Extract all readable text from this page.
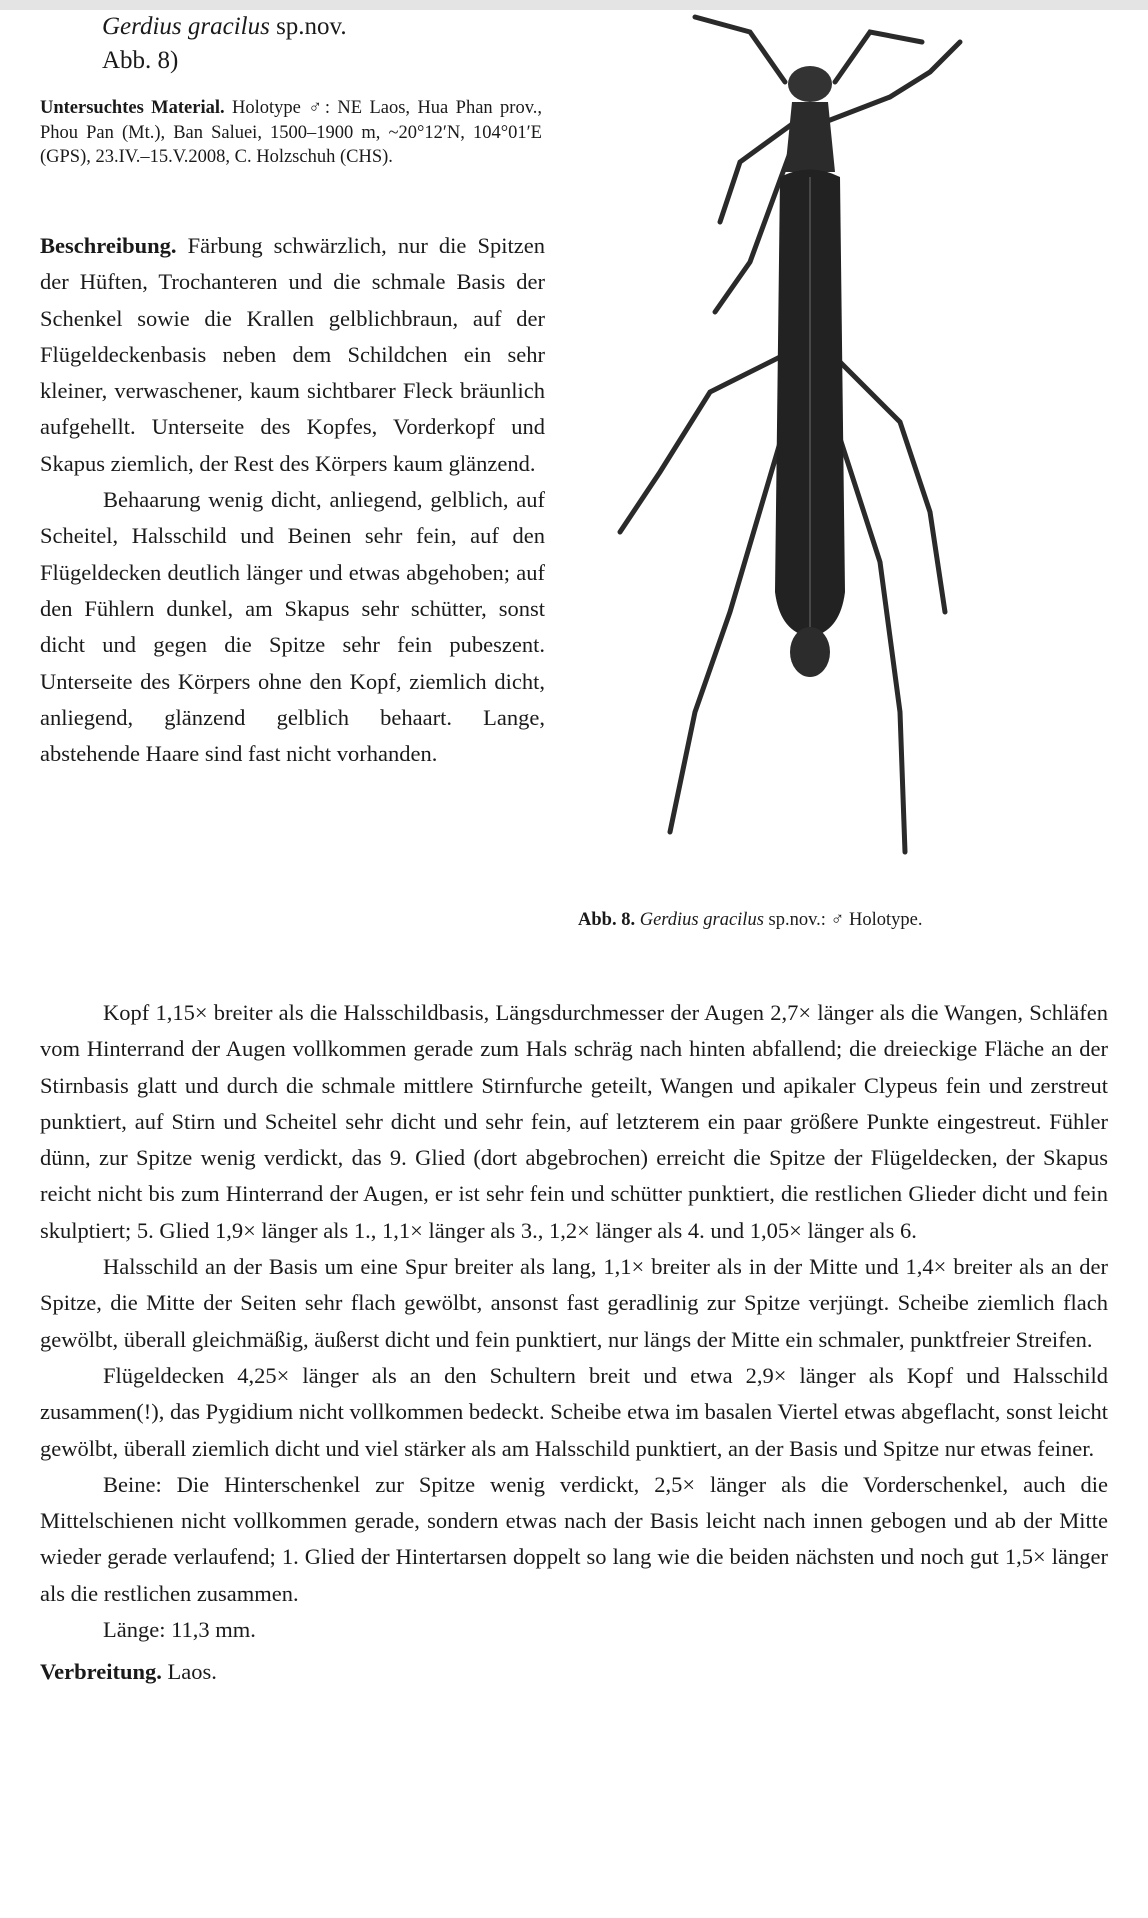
Gerdius gracilus sp.nov.
Abb. 8)

Untersuchtes Material. Holotype ♂: NE Laos, Hua Phan prov., Phou Pan (Mt.), Ban Saluei, 1500–1900 m, ~20°12′N, 104°01′E (GPS), 23.IV.–15.V.2008, C. Holzschuh (CHS).

Beschreibung. Färbung schwärzlich, nur die Spitzen der Hüften, Trochanteren und die schmale Basis der Schenkel sowie die Krallen gelblichbraun, auf der Flügeldeckenbasis neben dem Schildchen ein sehr kleiner, verwaschener, kaum sichtbarer Fleck bräunlich aufgehellt. Unterseite des Kopfes, Vorderkopf und Skapus ziemlich, der Rest des Körpers kaum glänzend.

Behaarung wenig dicht, anliegend, gelblich, auf Scheitel, Halsschild und Beinen sehr fein, auf den Flügeldecken deutlich länger und etwas abgehoben; auf den Fühlern dunkel, am Skapus sehr schütter, sonst dicht und gegen die Spitze sehr fein pubeszent. Unterseite des Körpers ohne den Kopf, ziemlich dicht, anliegend, glänzend gelblich behaart. Lange, abstehende Haare sind fast nicht vorhanden.

Kopf 1,15× breiter als die Halsschildbasis, Längsdurchmesser der Augen 2,7× länger als die Wangen, Schläfen vom Hinterrand der Augen vollkommen gerade zum Hals schräg nach hinten abfallend; die dreieckige Fläche an der Stirnbasis glatt und durch die schmale mittlere Stirnfurche geteilt, Wangen und apikaler Clypeus fein und zerstreut punktiert, auf Stirn und Scheitel sehr dicht und sehr fein, auf letzterem ein paar größere Punkte eingestreut. Fühler dünn, zur Spitze wenig verdickt, das 9. Glied (dort abgebrochen) erreicht die Spitze der Flügeldecken, der Skapus reicht nicht bis zum Hinterrand der Augen, er ist sehr fein und schütter punktiert, die restlichen Glieder dicht und fein skulptiert; 5. Glied 1,9× länger als 1., 1,1× länger als 3., 1,2× länger als 4. und 1,05× länger als 6.

Halsschild an der Basis um eine Spur breiter als lang, 1,1× breiter als in der Mitte und 1,4× breiter als an der Spitze, die Mitte der Seiten sehr flach gewölbt, ansonst fast geradlinig zur Spitze verjüngt. Scheibe ziemlich flach gewölbt, überall gleichmäßig, äußerst dicht und fein punktiert, nur längs der Mitte ein schmaler, punktfreier Streifen.

Flügeldecken 4,25× länger als an den Schultern breit und etwa 2,9× länger als Kopf und Halsschild zusammen(!), das Pygidium nicht vollkommen bedeckt. Scheibe etwa im basalen Viertel etwas abgeflacht, sonst leicht gewölbt, überall ziemlich dicht und viel stärker als am Halsschild punktiert, an der Basis und Spitze nur etwas feiner.

Beine: Die Hinterschenkel zur Spitze wenig verdickt, 2,5× länger als die Vorderschenkel, auch die Mittelschienen nicht vollkommen gerade, sondern etwas nach der Basis leicht nach innen gebogen und ab der Mitte wieder gerade verlaufend; 1. Glied der Hintertarsen doppelt so lang wie die beiden nächsten und noch gut 1,5× länger als die restlichen zusammen.

Länge: 11,3 mm.

Verbreitung. Laos.

Abb. 8. Gerdius gracilus sp.nov.: ♂ Holotype.
